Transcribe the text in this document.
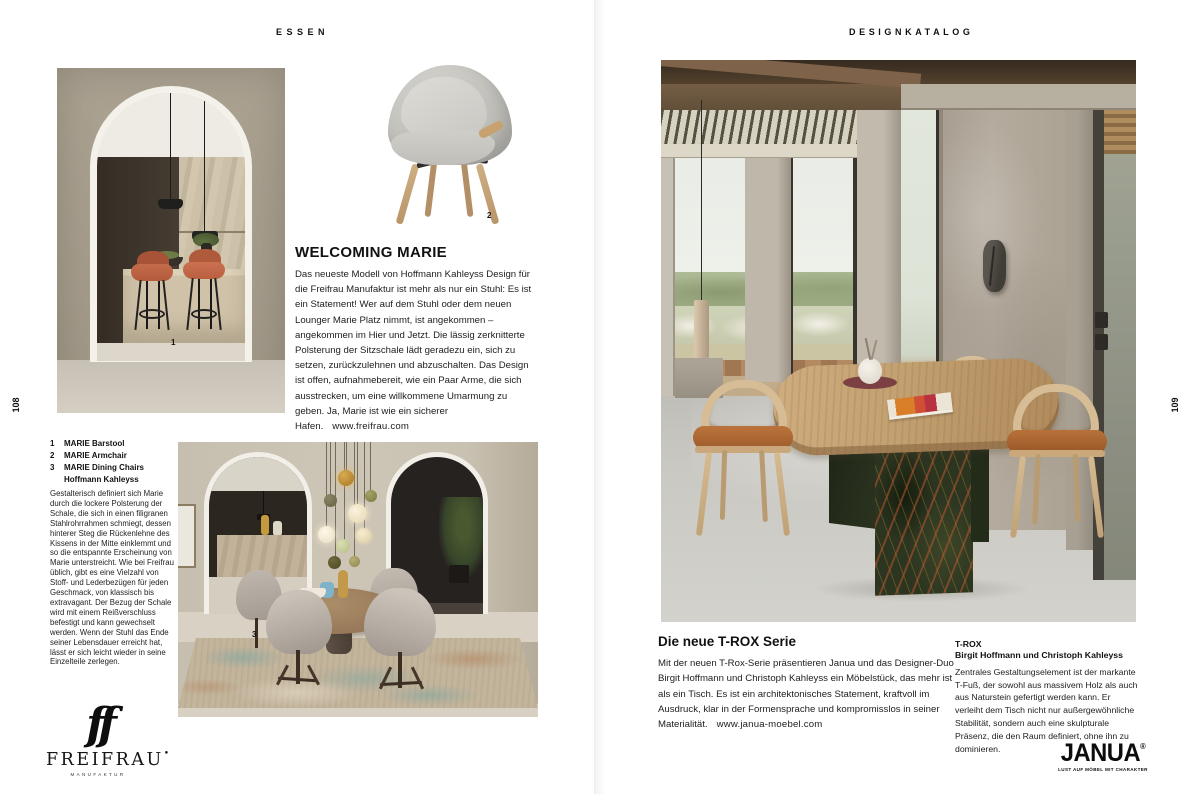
ESSEN	DESIGNKATALOG
108	109
1
2
WELCOMING MARIE

Das neueste Modell von Hoffmann Kahleyss Design für die Freifrau Manufaktur ist mehr als nur ein Stuhl: Es ist ein Statement! Wer auf dem Stuhl oder dem neuen Lounger Marie Platz nimmt, ist angekommen – angekommen im Hier und Jetzt. Die lässig zerknitterte Polsterung der Sitzschale lädt geradezu ein, sich zu setzen, zurückzulehnen und abzuschalten. Das Design ist offen, aufnahmebereit, wie ein Paar Arme, die sich ausstrecken, um eine willkommene Umarmung zu geben. Ja, Marie ist wie ein sicherer Hafen. www.freifrau.com

1 MARIE Barstool
2 MARIE Armchair
3 MARIE Dining Chairs
Hoffmann Kahleyss
Gestalterisch definiert sich Marie durch die lockere Polsterung der Schale, die sich in einen filigranen Stahlrohrrahmen schmiegt, dessen hinterer Steg die Rückenlehne des Kissens in der Mitte einklemmt und so die entspannte Erscheinung von Marie unterstreicht. Wie bei Freifrau üblich, gibt es eine Vielzahl von Stoff- und Lederbezügen für jeden Geschmack, von klassisch bis extravagant. Der Bezug der Schale wird mit einem Reißverschluss befestigt und kann gewechselt werden. Wenn der Stuhl das Ende seiner Lebensdauer erreicht hat, lässt er sich leicht wieder in seine Einzelteile zerlegen.
ff
FREIFRAU•
MANUFAKTUR
3	Die neue T-ROX Serie

Mit der neuen T-Rox-Serie präsentieren Janua und das Designer-Duo Birgit Hoffmann und Christoph Kahleyss ein Möbelstück, das mehr ist als ein Tisch. Es ist ein architektonisches Statement, kraftvoll im Ausdruck, klar in der Formensprache und kompromisslos in seiner Materialität. www.janua-moebel.com

T-ROX
Birgit Hoffmann und Christoph Kahleyss
Zentrales Gestaltungselement ist der markante T-Fuß, der sowohl aus massivem Holz als auch aus Naturstein gefertigt werden kann. Er verleiht dem Tisch nicht nur außergewöhnliche Stabilität, sondern auch eine skulpturale Präsenz, die den Raum definiert, ohne ihn zu dominieren.	JANUA®
LUST AUF MÖBEL MIT CHARAKTER
